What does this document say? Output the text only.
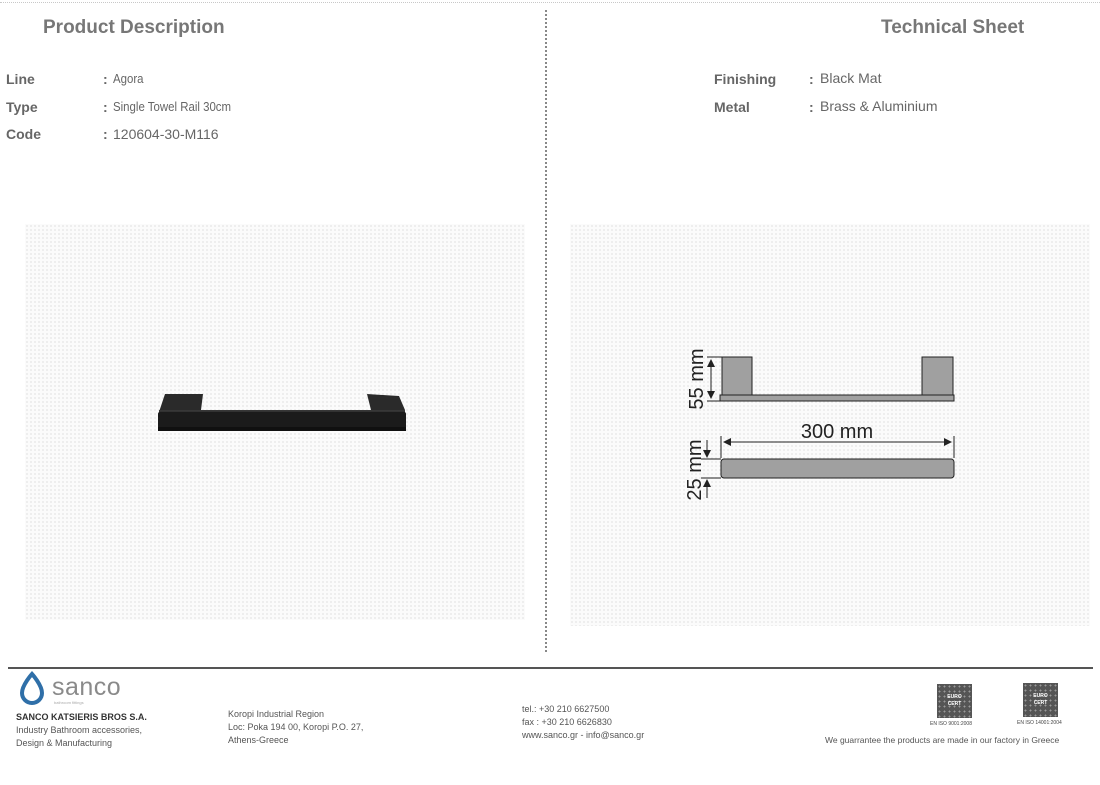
Product Description
Line	: Agora
Type	: Single Towel Rail 30cm
Code	: 120604-30-M116
Technical Sheet
Finishing : Black Mat
Metal	: Brass & Aluminium
55 mm
300 mm
25 mm
sanco
bathroom fittings
SANCO KATSIERIS BROS S.A.
Industry Bathroom accessories,
Design & Manufacturing
Koropi Industrial Region
Loc: Poka 194 00, Koropi P.O. 27,
Athens-Greece
tel.: +30 210 6627500
fax : +30 210 6626830
www.sanco.gr - info@sanco.gr
EURO
CERT
EN ISO 9001:2008
EURO
CERT
EN ISO 14001:2004
We guarrantee the products are made in our factory in Greece
